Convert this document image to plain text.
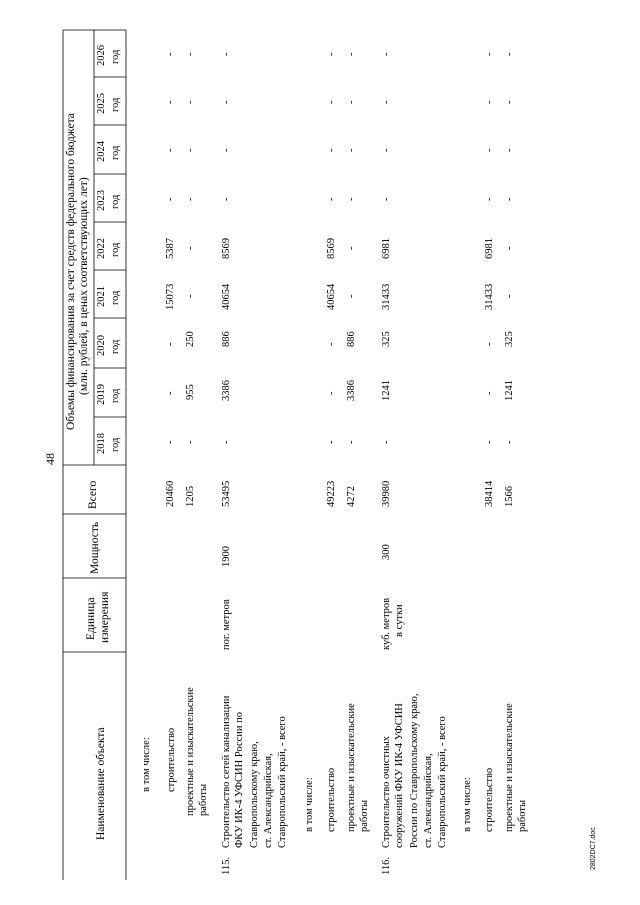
48
Наименование объекта
Единица измерения
Мощность
Всего
Объемы финансирования за счет средств федерального бюджета (млн. рублей, в ценах соответствующих лет)
2018 год
2019 год
2020 год
2021 год
2022 год
2023 год
2024 год
2025 год
2026 год
в том числе: строительство
20460
-
-
-
15073
5387
-
-
-
-
проектные и изыскательские работы
1205
-
955
250
-
-
-
-
-
-
115.
Строительство сетей канализации ФКУ ИК-4 УФСИН России по Ставропольскому краю, ст. Александрийская, Ставропольский край, - всего
пог. метров
1900
53495
-
3386
886
40654
8569
-
-
-
-
в том числе: строительство
49223
-
-
-
40654
8569
-
-
-
-
проектные и изыскательские работы
4272
-
3386
886
-
-
-
-
-
-
116.
Строительство очистных сооружений ФКУ ИК-4 УФСИН России по Ставропольскому краю, ст. Александрийская, Ставропольский край, - всего
куб. метров в сутки
300
39980
-
1241
325
31433
6981
-
-
-
-
в том числе: строительство
38414
-
-
-
31433
6981
-
-
-
-
проектные и изыскательские работы
1566
-
1241
325
-
-
-
-
-
-
2802DC7.doc
